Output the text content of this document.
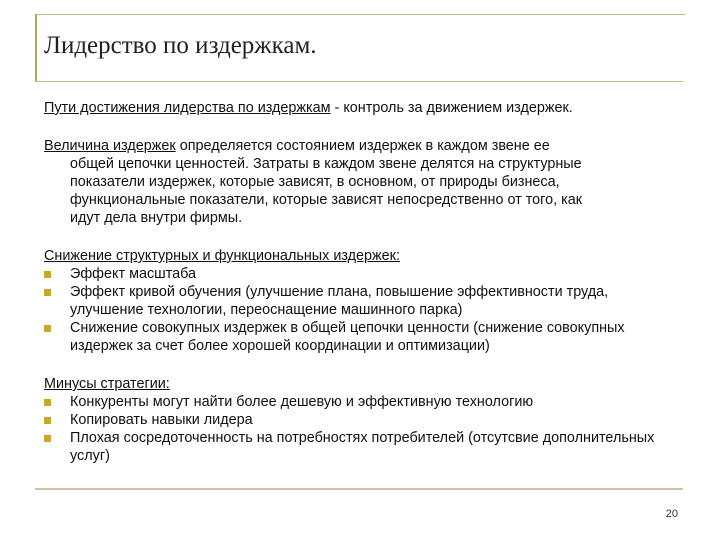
Лидерство по издержкам.

Пути достижения лидерства по издержкам - контроль за движением издержек.

Величина издержек определяется состоянием издержек в каждом звене ее
общей цепочки ценностей. Затраты в каждом звене делятся на структурные
показатели издержек, которые зависят, в основном, от природы бизнеса,
функциональные показатели, которые зависят непосредственно от того, как
идут дела внутри фирмы.
Снижение структурных и функциональных издержек:
Эффект масштаба
Эффект кривой обучения (улучшение плана, повышение эффективности труда, улучшение технологии, переоснащение машинного парка)
Снижение совокупных издержек в общей цепочки ценности (снижение совокупных издержек за счет более хорошей координации и оптимизации)
Минусы стратегии:
Конкуренты могут найти более дешевую и эффективную технологию
Копировать навыки лидера
Плохая сосредоточенность на потребностях потребителей (отсутсвие дополнительных услуг)
20
